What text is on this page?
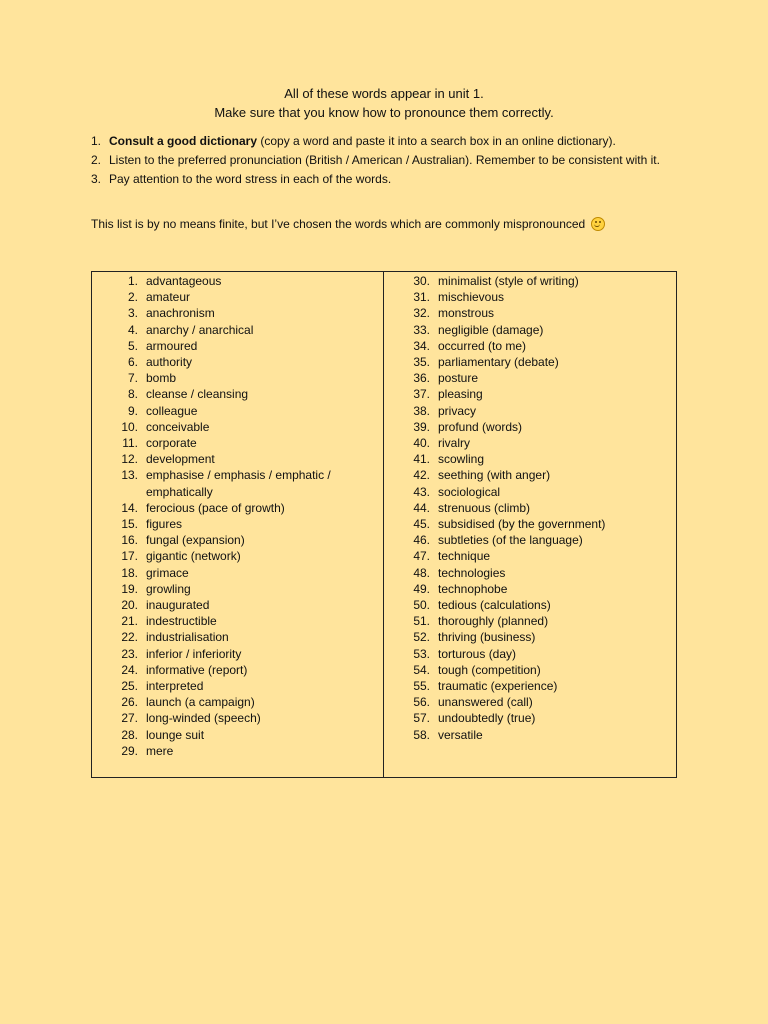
All of these words appear in unit 1.
Make sure that you know how to pronounce them correctly.
1. Consult a good dictionary (copy a word and paste it into a search box in an online dictionary).
2. Listen to the preferred pronunciation (British / American / Australian). Remember to be consistent with it.
3. Pay attention to the word stress in each of the words.
This list is by no means finite, but I’ve chosen the words which are commonly mispronounced
1. advantageous
2. amateur
3. anachronism
4. anarchy / anarchical
5. armoured
6. authority
7. bomb
8. cleanse / cleansing
9. colleague
10. conceivable
11. corporate
12. development
13. emphasise / emphasis / emphatic / emphatically
14. ferocious (pace of growth)
15. figures
16. fungal (expansion)
17. gigantic (network)
18. grimace
19. growling
20. inaugurated
21. indestructible
22. industrialisation
23. inferior / inferiority
24. informative (report)
25. interpreted
26. launch (a campaign)
27. long-winded (speech)
28. lounge suit
29. mere
30. minimalist (style of writing)
31. mischievous
32. monstrous
33. negligible (damage)
34. occurred (to me)
35. parliamentary (debate)
36. posture
37. pleasing
38. privacy
39. profund (words)
40. rivalry
41. scowling
42. seething (with anger)
43. sociological
44. strenuous (climb)
45. subsidised (by the government)
46. subtleties (of the language)
47. technique
48. technologies
49. technophobe
50. tedious (calculations)
51. thoroughly (planned)
52. thriving (business)
53. torturous (day)
54. tough (competition)
55. traumatic (experience)
56. unanswered (call)
57. undoubtedly (true)
58. versatile
